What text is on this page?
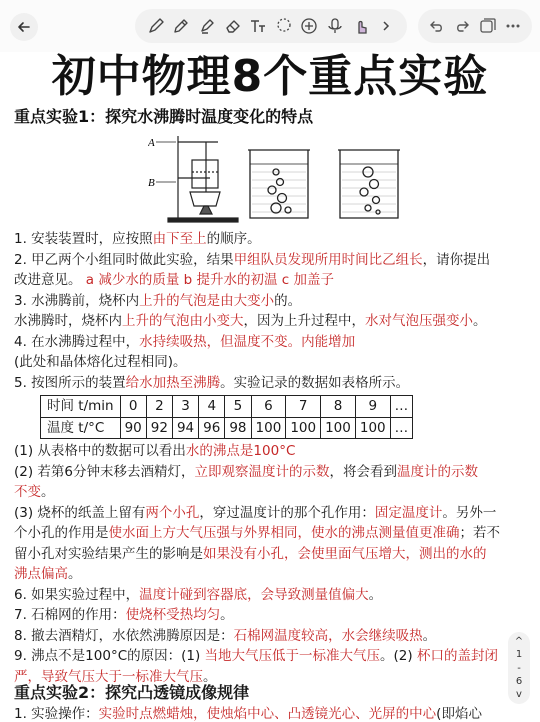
初中物理8个重点实验
重点实验1：探究水沸腾时温度变化的特点
A
B
1. 安装装置时，应按照由下至上的顺序。
2. 甲乙两个小组同时做此实验，结果甲组队员发现所用时间比乙组长，请你提出
改进意见。 a 减少水的质量 b 提升水的初温 c 加盖子
3. 水沸腾前，烧杯内上升的气泡是由大变小的。
水沸腾时，烧杯内上升的气泡由小变大，因为上升过程中，水对气泡压强变小。
4. 在水沸腾过程中，水持续吸热，但温度不变。内能增加
(此处和晶体熔化过程相同)。
5. 按图所示的装置给水加热至沸腾。实验记录的数据如表格所示。
时间 t/min	0	2	3	4	5	6	7	8	9	…
温度 t/°C	90	92	94	96	98	100	100	100	100	…
(1) 从表格中的数据可以看出水的沸点是100°C
(2) 若第6分钟末移去酒精灯，立即观察温度计的示数，将会看到温度计的示数
不变。
(3) 烧杯的纸盖上留有两个小孔，穿过温度计的那个孔作用：固定温度计。另外一
个小孔的作用是使水面上方大气压强与外界相同，使水的沸点测量值更准确；若不
留小孔对实验结果产生的影响是如果没有小孔，会使里面气压增大，测出的水的
沸点偏高。
6. 如果实验过程中，温度计碰到容器底，会导致测量值偏大。
7. 石棉网的作用：使烧杯受热均匀。
8. 撤去酒精灯，水依然沸腾原因是：石棉网温度较高，水会继续吸热。
9. 沸点不是100°C的原因：(1) 当地大气压低于一标准大气压。(2) 杯口的盖封闭
严，导致气压大于一标准大气压。
重点实验2：探究凸透镜成像规律
1. 实验操作：实验时点燃蜡烛，使烛焰中心、凸透镜光心、光屏的中心(即焰心
^
1
-
6
v
